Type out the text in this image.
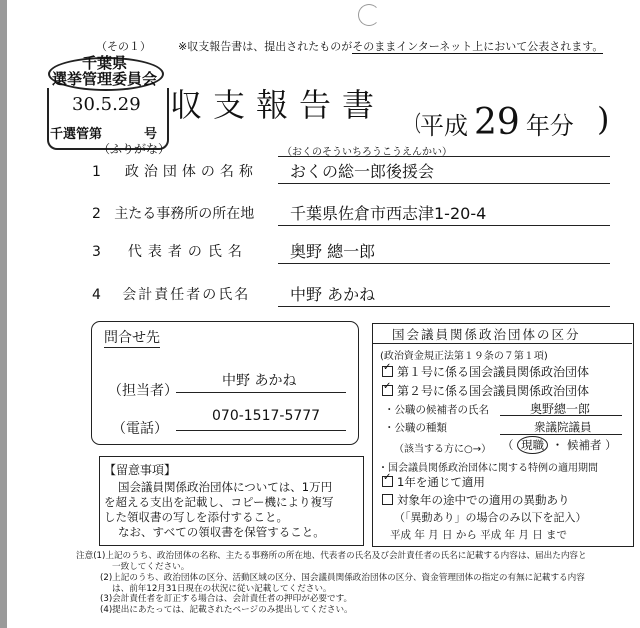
（その１） ※収支報告書は、提出されたものがそのままインターネット上において公表されます。
千葉県
選挙管理委員会
30.5.29
千選管第	号
収支報告書
平成 29 年分 )
（ふりがな）	（おくのそういちろうこうえんかい）
1 政治団体の名称 おくの総一郎後援会
2 主たる事務所の所在地 千葉県佐倉市西志津1-20-4
3 代表者の氏名	奥野 總一郎
4 会計責任者の氏名 中野 あかね
問合せ先
（担当者）
中野 あかね
（電話）
070-1517-5777
【留意事項】
国会議員関係政治団体については、1万円
を超える支出を記載し、コピー機により複写
した領収書の写しを添付すること。
なお、すべての領収書を保管すること。
国会議員関係政治団体の区分
(政治資金規正法第１９条の７第１項)
✓第１号に係る国会議員関係政治団体
✓第２号に係る国会議員関係政治団体
・公職の候補者の氏名	奥野總一郎
・公職の種類	衆議院議員
（該当する方に○→） （ 現職 ・ 候補者 ）
・国会議員関係政治団体に関する特例の適用期間
✓1年を通じて適用
対象年の途中での適用の異動あり
（「異動あり」の場合のみ以下を記入）
平成 年 月 日 から 平成 年 月 日 まで
注意(1)上記のうち、政治団体の名称、主たる事務所の所在地、代表者の氏名及び会計責任者の氏名に記載する内容は、届出た内容と
一致してください。
(2)上記のうち、政治団体の区分、活動区域の区分、国会議員関係政治団体の区分、資金管理団体の指定の有無に記載する内容
は、前年12月31日現在の状況に従い記載してください。
(3)会計責任者を訂正する場合は、会計責任者の押印が必要です。
(4)提出にあたっては、記載されたページのみ提出してください。
